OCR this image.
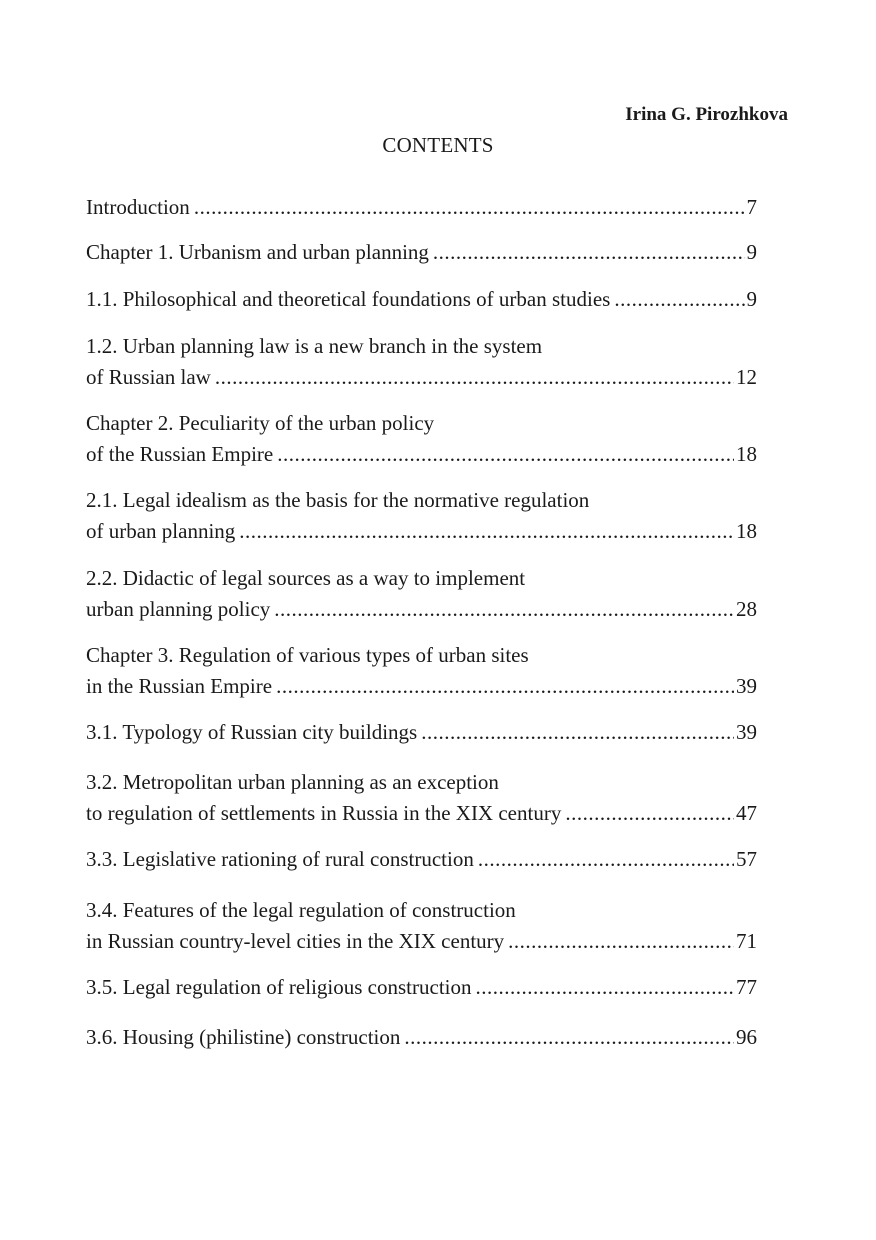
Irina G. Pirozhkova
CONTENTS
Introduction .....	7
Chapter 1. Urbanism and urban planning .....	9
1.1. Philosophical and theoretical foundations of urban studies .....	9
1.2. Urban planning law is a new branch in the system
of Russian law .....	12
Chapter 2. Peculiarity of the urban policy
of the Russian Empire .....	18
2.1. Legal idealism as the basis for the normative regulation
of urban planning .....	18
2.2. Didactic of legal sources as a way to implement
urban planning policy .....	28
Chapter 3. Regulation of various types of urban sites
in the Russian Empire .....	39
3.1. Typology of Russian city buildings .....	39
3.2. Metropolitan urban planning as an exception
to regulation of settlements in Russia in the XIX century .....	47
3.3. Legislative rationing of rural construction .....	57
3.4. Features of the legal regulation of construction
in Russian country-level cities in the XIX century .....	71
3.5. Legal regulation of religious construction .....	77
3.6. Housing (philistine) construction .....	96
